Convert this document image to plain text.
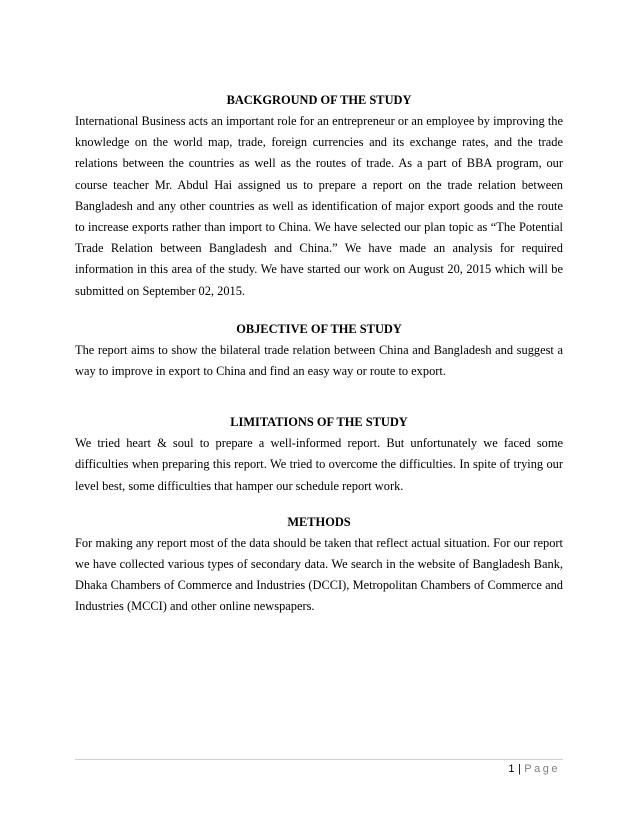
BACKGROUND OF THE STUDY

International Business acts an important role for an entrepreneur or an employee by improving the knowledge on the world map, trade, foreign currencies and its exchange rates, and the trade relations between the countries as well as the routes of trade. As a part of BBA program, our course teacher Mr. Abdul Hai assigned us to prepare a report on the trade relation between Bangladesh and any other countries as well as identification of major export goods and the route to increase exports rather than import to China. We have selected our plan topic as “The Potential Trade Relation between Bangladesh and China.” We have made an analysis for required information in this area of the study. We have started our work on August 20, 2015 which will be submitted on September 02, 2015.

OBJECTIVE OF THE STUDY

The report aims to show the bilateral trade relation between China and Bangladesh and suggest a way to improve in export to China and find an easy way or route to export.

LIMITATIONS OF THE STUDY

We tried heart & soul to prepare a well-informed report. But unfortunately we faced some difficulties when preparing this report. We tried to overcome the difficulties. In spite of trying our level best, some difficulties that hamper our schedule report work.

METHODS

For making any report most of the data should be taken that reflect actual situation. For our report we have collected various types of secondary data. We search in the website of Bangladesh Bank, Dhaka Chambers of Commerce and Industries (DCCI), Metropolitan Chambers of Commerce and Industries (MCCI) and other online newspapers.

1 | Page
